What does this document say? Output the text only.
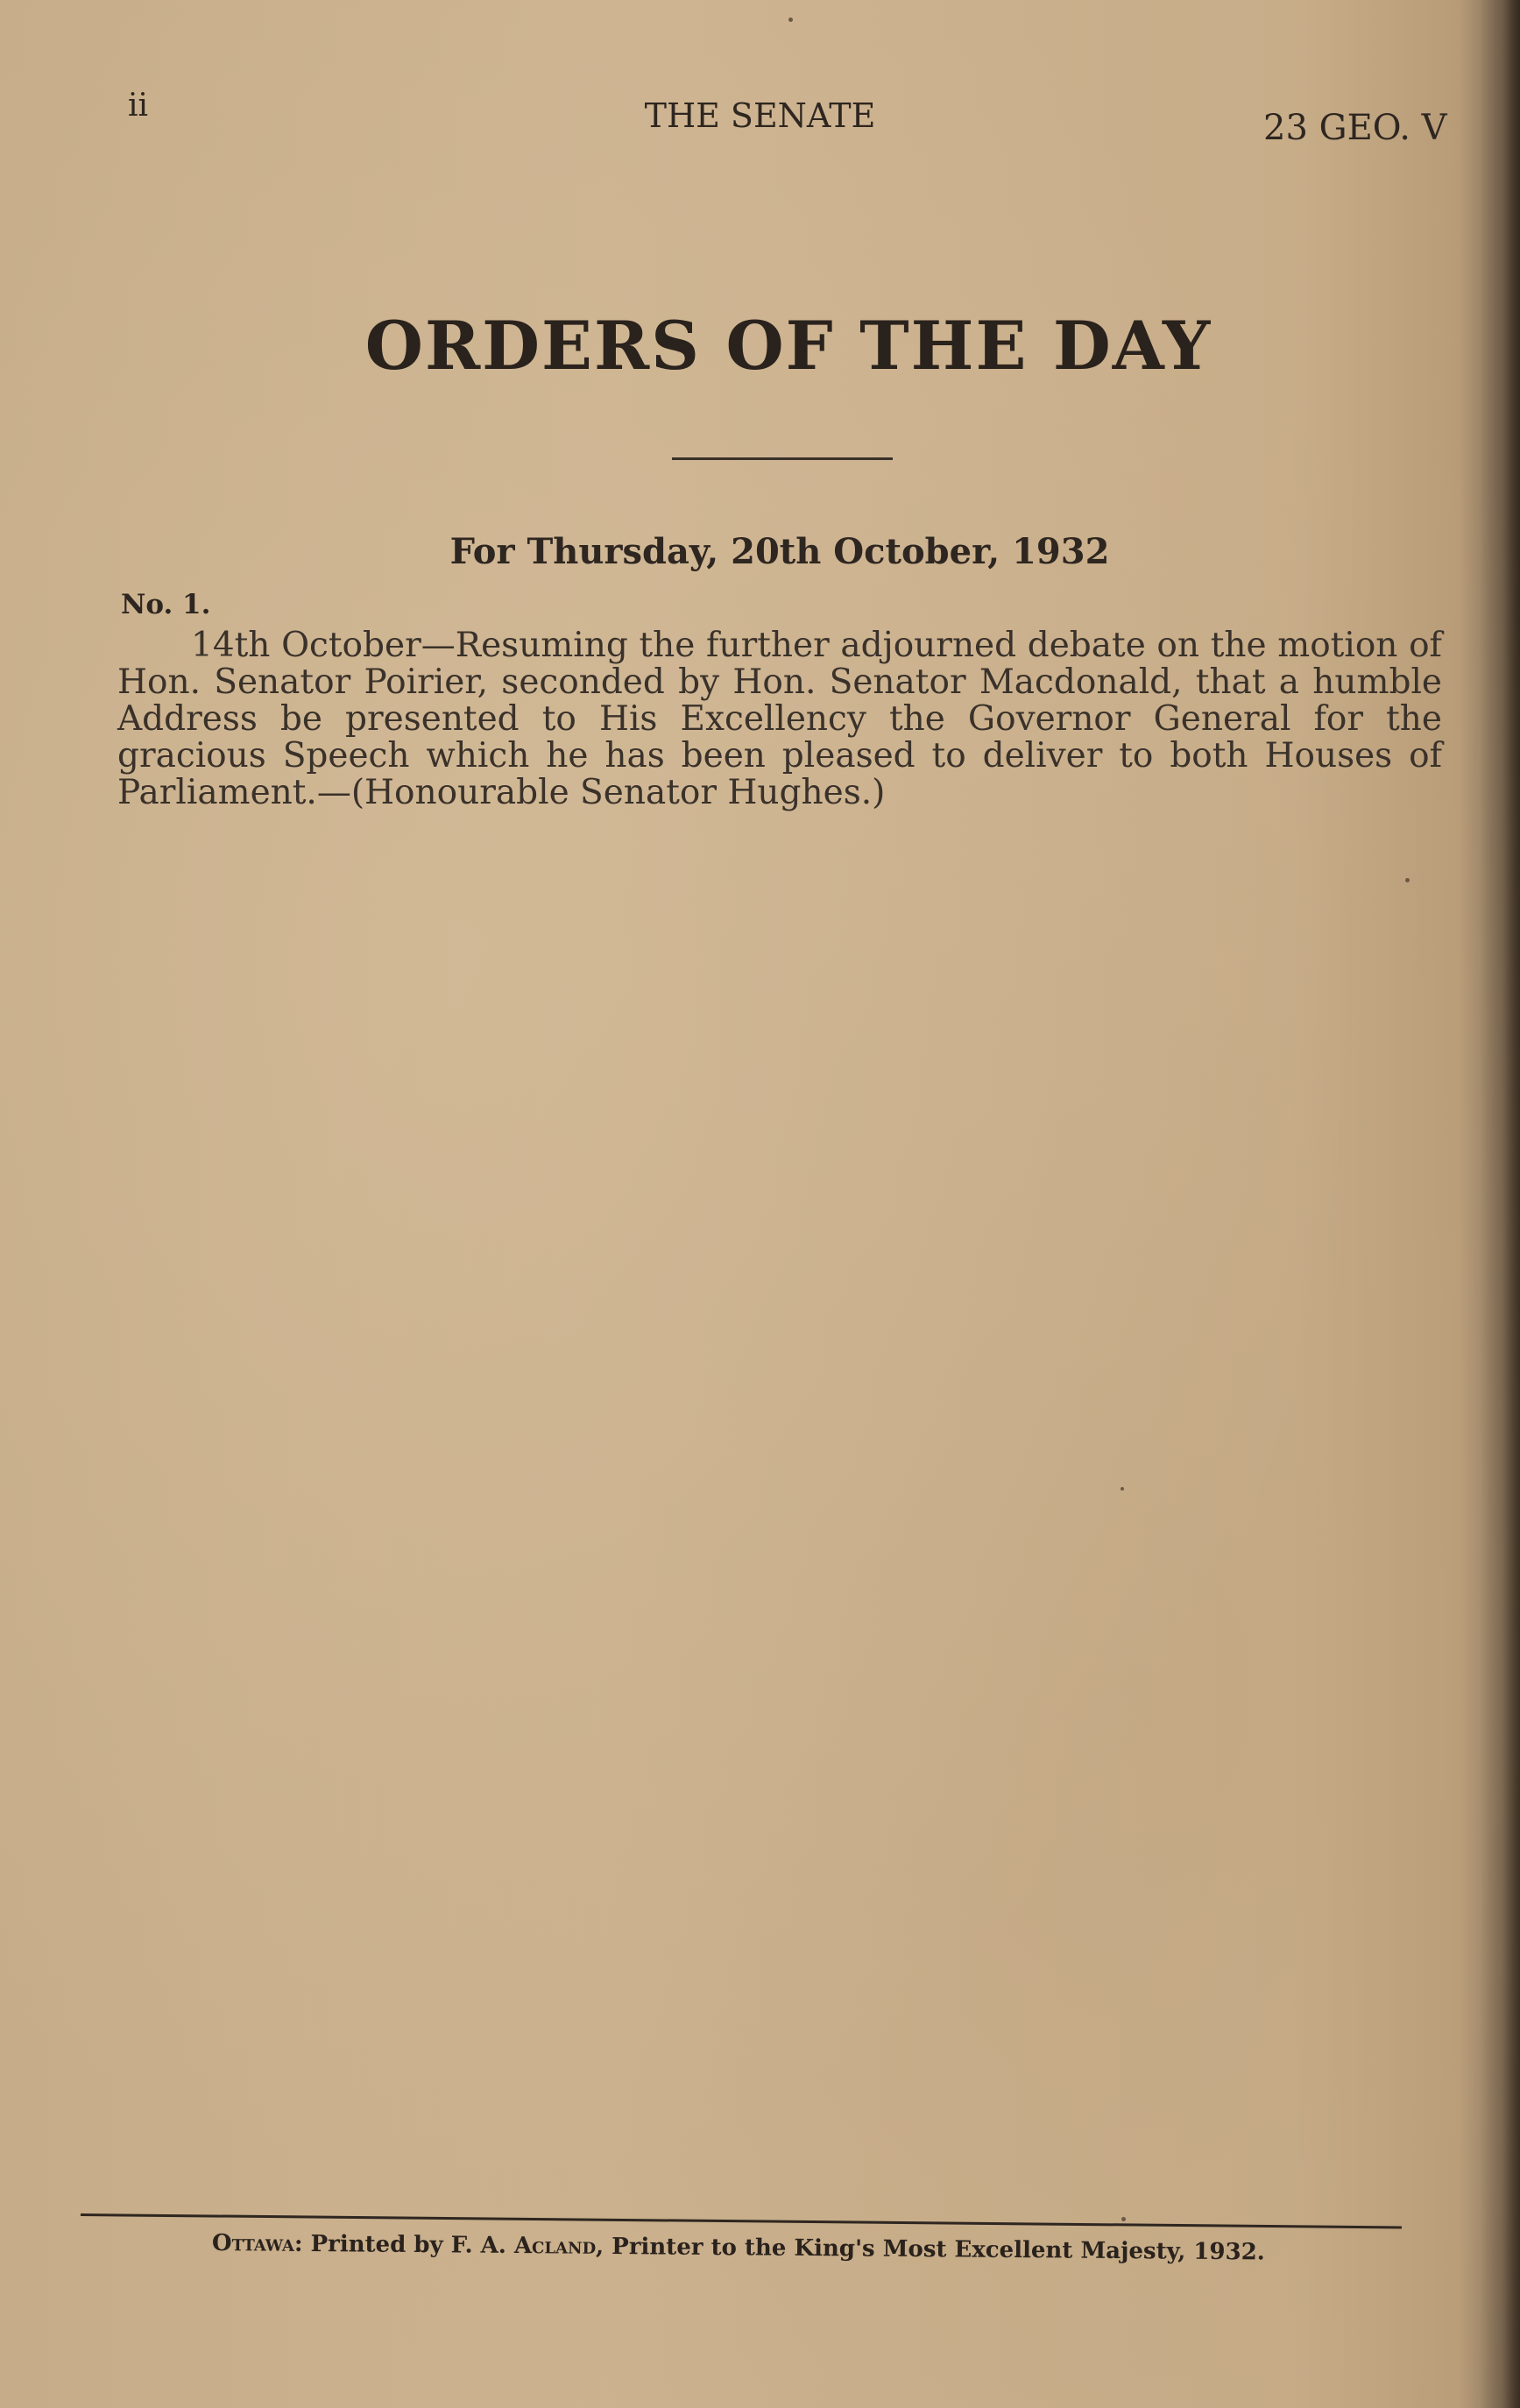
ii	THE SENATE	23 GEO. V
ORDERS OF THE DAY
For Thursday, 20th October, 1932
No. 1.
14th October—Resuming the further adjourned debate on the motion of Hon. Senator Poirier, seconded by Hon. Senator Macdonald, that a humble Address be presented to His Excellency the Governor General for the gracious Speech which he has been pleased to deliver to both Houses of Parliament.—(Honourable Senator Hughes.)
Ottawa: Printed by F. A. Acland, Printer to the King's Most Excellent Majesty, 1932.
